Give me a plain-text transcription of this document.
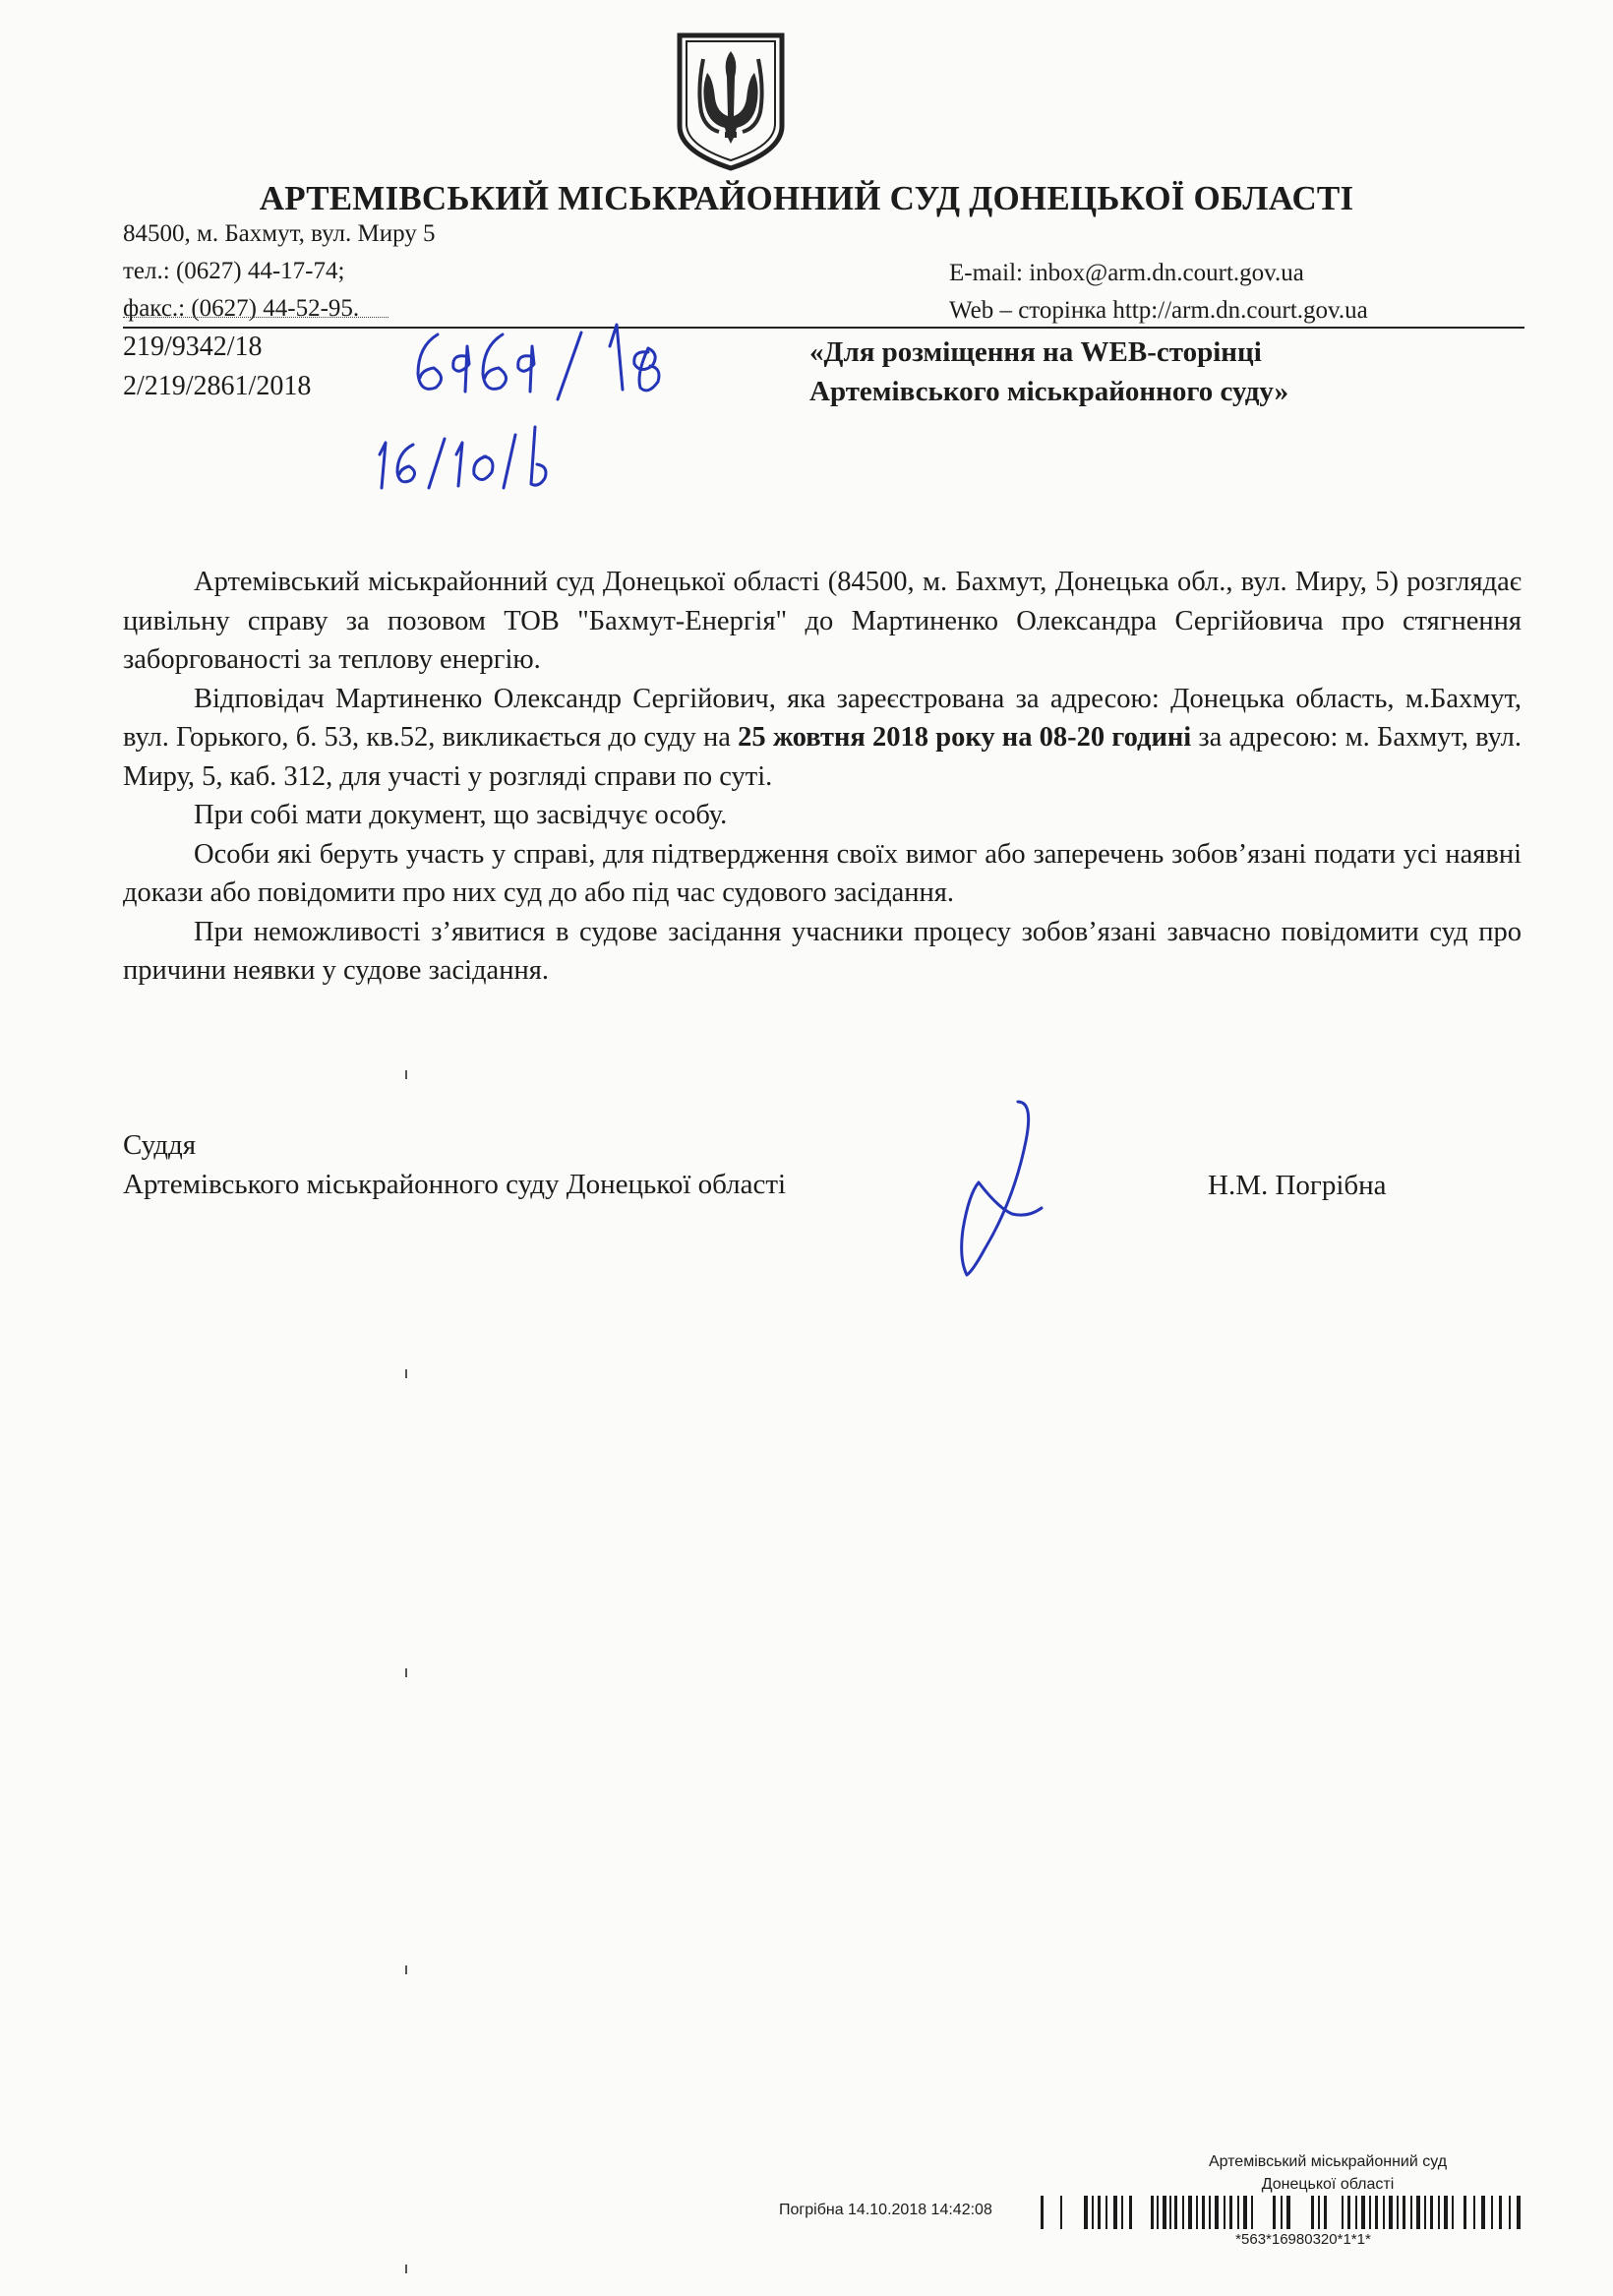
АРТЕМІВСЬКИЙ МІСЬКРАЙОННИЙ СУД ДОНЕЦЬКОЇ ОБЛАСТІ
84500, м. Бахмут, вул. Миру 5
тел.: (0627) 44-17-74;
факс.: (0627) 44-52-95.
E-mail: inbox@arm.dn.court.gov.ua
Web – сторінка http://arm.dn.court.gov.ua
219/9342/18
2/219/2861/2018
«Для розміщення на WEB-сторінці
Артемівського міськрайонного суду»

Артемівський міськрайонний суд Донецької області (84500, м. Бахмут, Донецька обл., вул. Миру, 5) розглядає цивільну справу за позовом ТОВ "Бахмут-Енергія" до Мартиненко Олександра Сергійовича про стягнення заборгованості за теплову енергію.

Відповідач Мартиненко Олександр Сергійович, яка зареєстрована за адресою: Донецька область, м.Бахмут, вул. Горького, б. 53, кв.52, викликається до суду на 25 жовтня 2018 року на 08-20 годині за адресою: м. Бахмут, вул. Миру, 5, каб. 312, для участі у розгляді справи по суті.

При собі мати документ, що засвідчує особу.

Особи які беруть участь у справі, для підтвердження своїх вимог або заперечень зобов’язані подати усі наявні докази або повідомити про них суд до або під час судового засідання.

При неможливості з’явитися в судове засідання учасники процесу зобов’язані завчасно повідомити суд про причини неявки у судове засідання.

Суддя
Артемівського міськрайонного суду Донецької області	Н.М. Погрібна
Артемівський міськрайонний суд
Донецької області
Погрібна 14.10.2018 14:42:08
*563*16980320*1*1*
